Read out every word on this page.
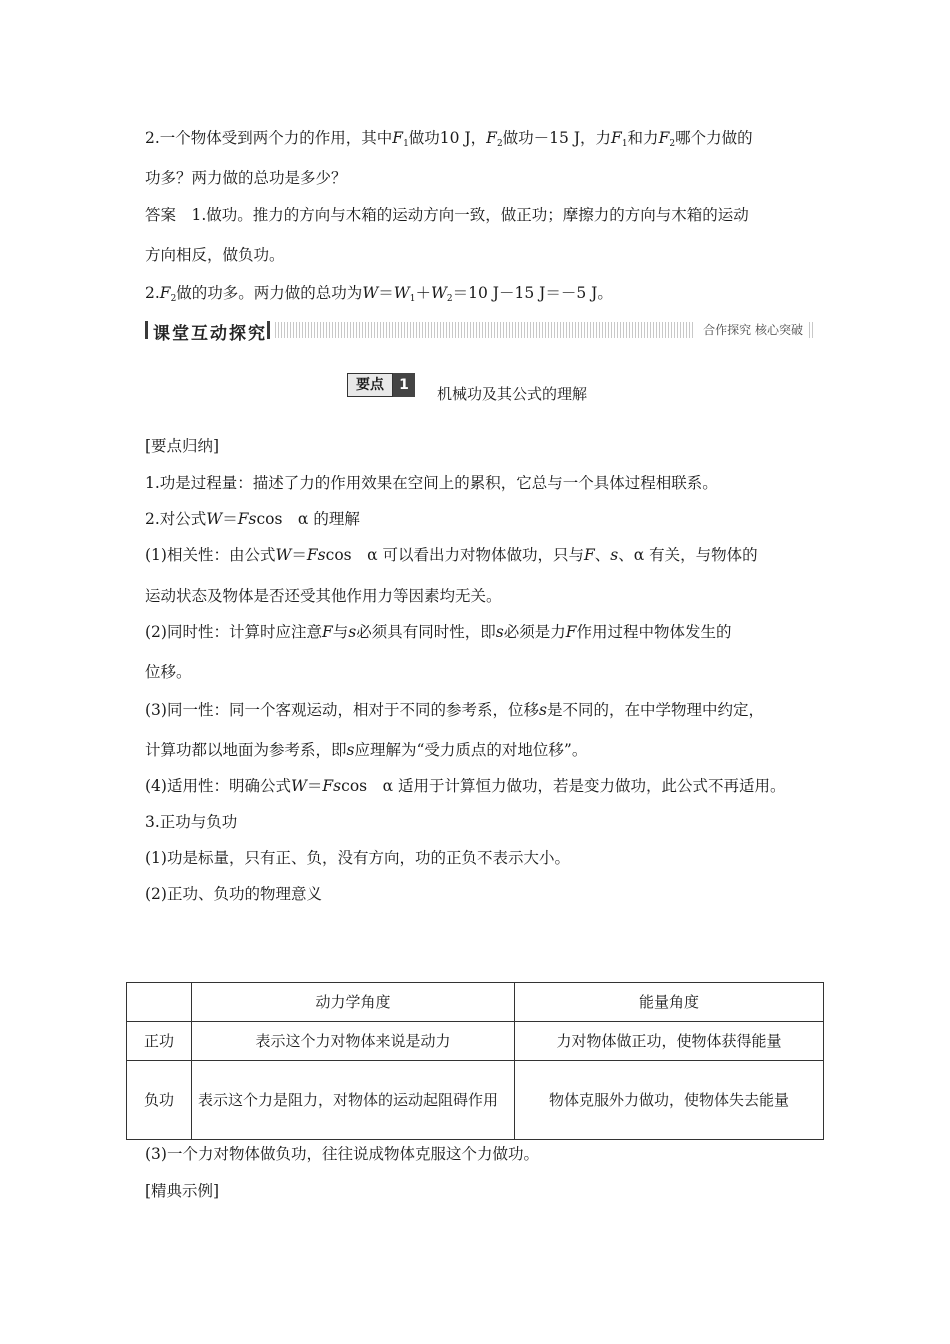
2.一个物体受到两个力的作用，其中$F_1$做功10 J，$F_2$做功－15 J，力$F_1$和力$F_2$哪个力做的

功多？两力做的总功是多少？

答案　1.做功。推力的方向与木箱的运动方向一致，做正功；摩擦力的方向与木箱的运动

方向相反，做负功。

$2.F_2$做的功多。两力做的总功为$W=W_1+W_2=10$ J－15 J＝－5 J。

课堂互动探究	合作探究 核心突破
要点	1	机械功及其公式的理解

[要点归纳]

1.功是过程量：描述了力的作用效果在空间上的累积，它总与一个具体过程相联系。

2.对公式W＝Fscos　α 的理解

(1)相关性：由公式W＝Fscos　α 可以看出力对物体做功，只与F、s、α 有关，与物体的

运动状态及物体是否还受其他作用力等因素均无关。

(2)同时性：计算时应注意F与s必须具有同时性，即s必须是力F作用过程中物体发生的

位移。

(3)同一性：同一个客观运动，相对于不同的参考系，位移s是不同的，在中学物理中约定，

计算功都以地面为参考系，即s应理解为“受力质点的对地位移”。

(4)适用性：明确公式W＝Fscos　α 适用于计算恒力做功，若是变力做功，此公式不再适用。

3.正功与负功

(1)功是标量，只有正、负，没有方向，功的正负不表示大小。

(2)正功、负功的物理意义

	动力学角度	能量角度
正功	表示这个力对物体来说是动力	力对物体做正功，使物体获得能量
负功	表示这个力是阻力，对物体的运动起阻碍作用	物体克服外力做功，使物体失去能量

(3)一个力对物体做负功，往往说成物体克服这个力做功。

[精典示例]
